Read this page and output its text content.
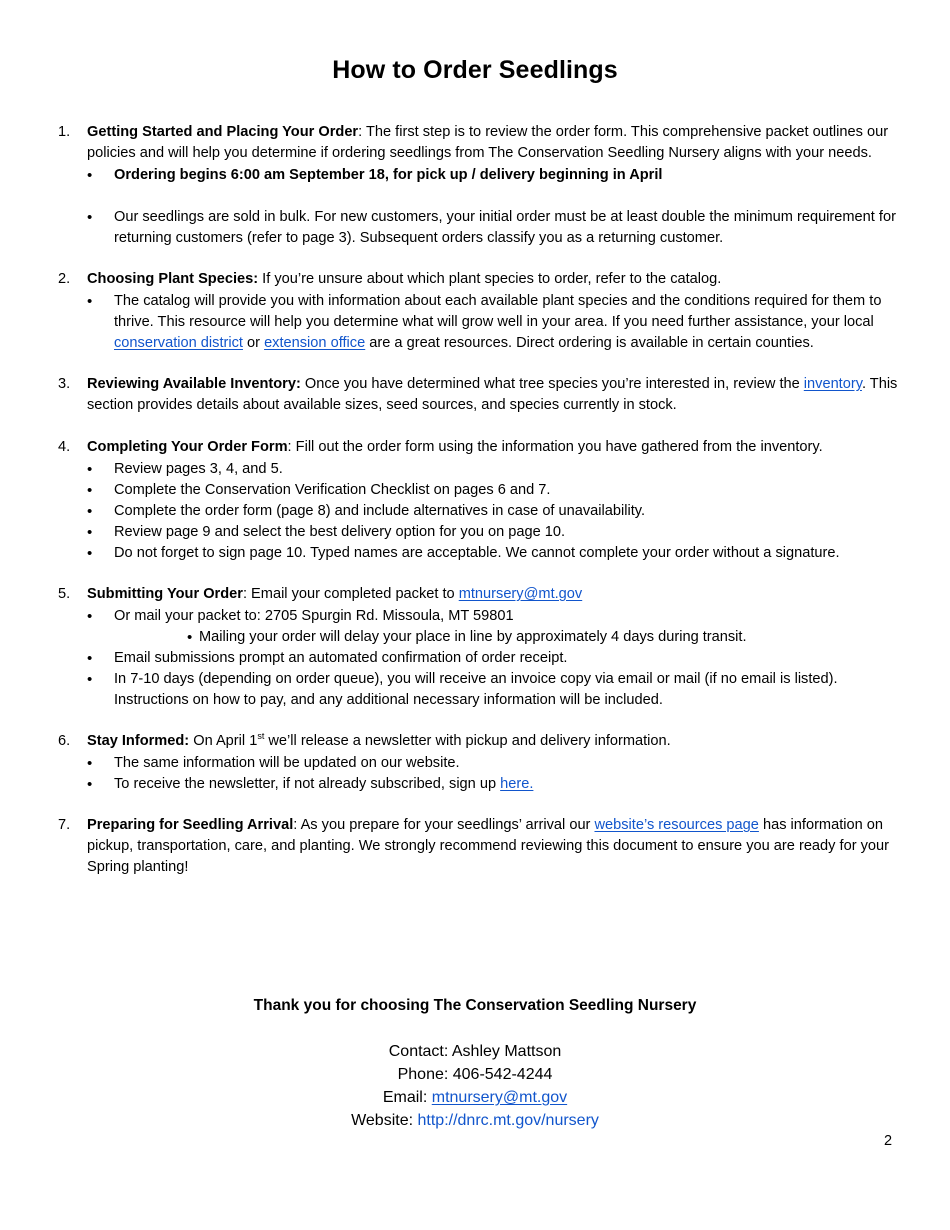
How to Order Seedlings
1. Getting Started and Placing Your Order: The first step is to review the order form. This comprehensive packet outlines our policies and will help you determine if ordering seedlings from The Conservation Seedling Nursery aligns with your needs.
• Ordering begins 6:00 am September 18, for pick up / delivery beginning in April
• Our seedlings are sold in bulk. For new customers, your initial order must be at least double the minimum requirement for returning customers (refer to page 3). Subsequent orders classify you as a returning customer.
2. Choosing Plant Species: If you’re unsure about which plant species to order, refer to the catalog.
• The catalog will provide you with information about each available plant species and the conditions required for them to thrive. This resource will help you determine what will grow well in your area. If you need further assistance, your local conservation district or extension office are a great resources. Direct ordering is available in certain counties.
3. Reviewing Available Inventory: Once you have determined what tree species you’re interested in, review the inventory. This section provides details about available sizes, seed sources, and species currently in stock.
4. Completing Your Order Form: Fill out the order form using the information you have gathered from the inventory.
• Review pages 3, 4, and 5.
• Complete the Conservation Verification Checklist on pages 6 and 7.
• Complete the order form (page 8) and include alternatives in case of unavailability.
• Review page 9 and select the best delivery option for you on page 10.
• Do not forget to sign page 10. Typed names are acceptable. We cannot complete your order without a signature.
5. Submitting Your Order: Email your completed packet to mtnursery@mt.gov
• Or mail your packet to: 2705 Spurgin Rd. Missoula, MT 59801
• Mailing your order will delay your place in line by approximately 4 days during transit.
• Email submissions prompt an automated confirmation of order receipt.
• In 7-10 days (depending on order queue), you will receive an invoice copy via email or mail (if no email is listed). Instructions on how to pay, and any additional necessary information will be included.
6. Stay Informed: On April 1st we’ll release a newsletter with pickup and delivery information.
• The same information will be updated on our website.
• To receive the newsletter, if not already subscribed, sign up here.
7. Preparing for Seedling Arrival: As you prepare for your seedlings’ arrival our website’s resources page has information on pickup, transportation, care, and planting. We strongly recommend reviewing this document to ensure you are ready for your Spring planting!
Thank you for choosing The Conservation Seedling Nursery
Contact: Ashley Mattson
Phone: 406-542-4244
Email: mtnursery@mt.gov
Website: http://dnrc.mt.gov/nursery
2
